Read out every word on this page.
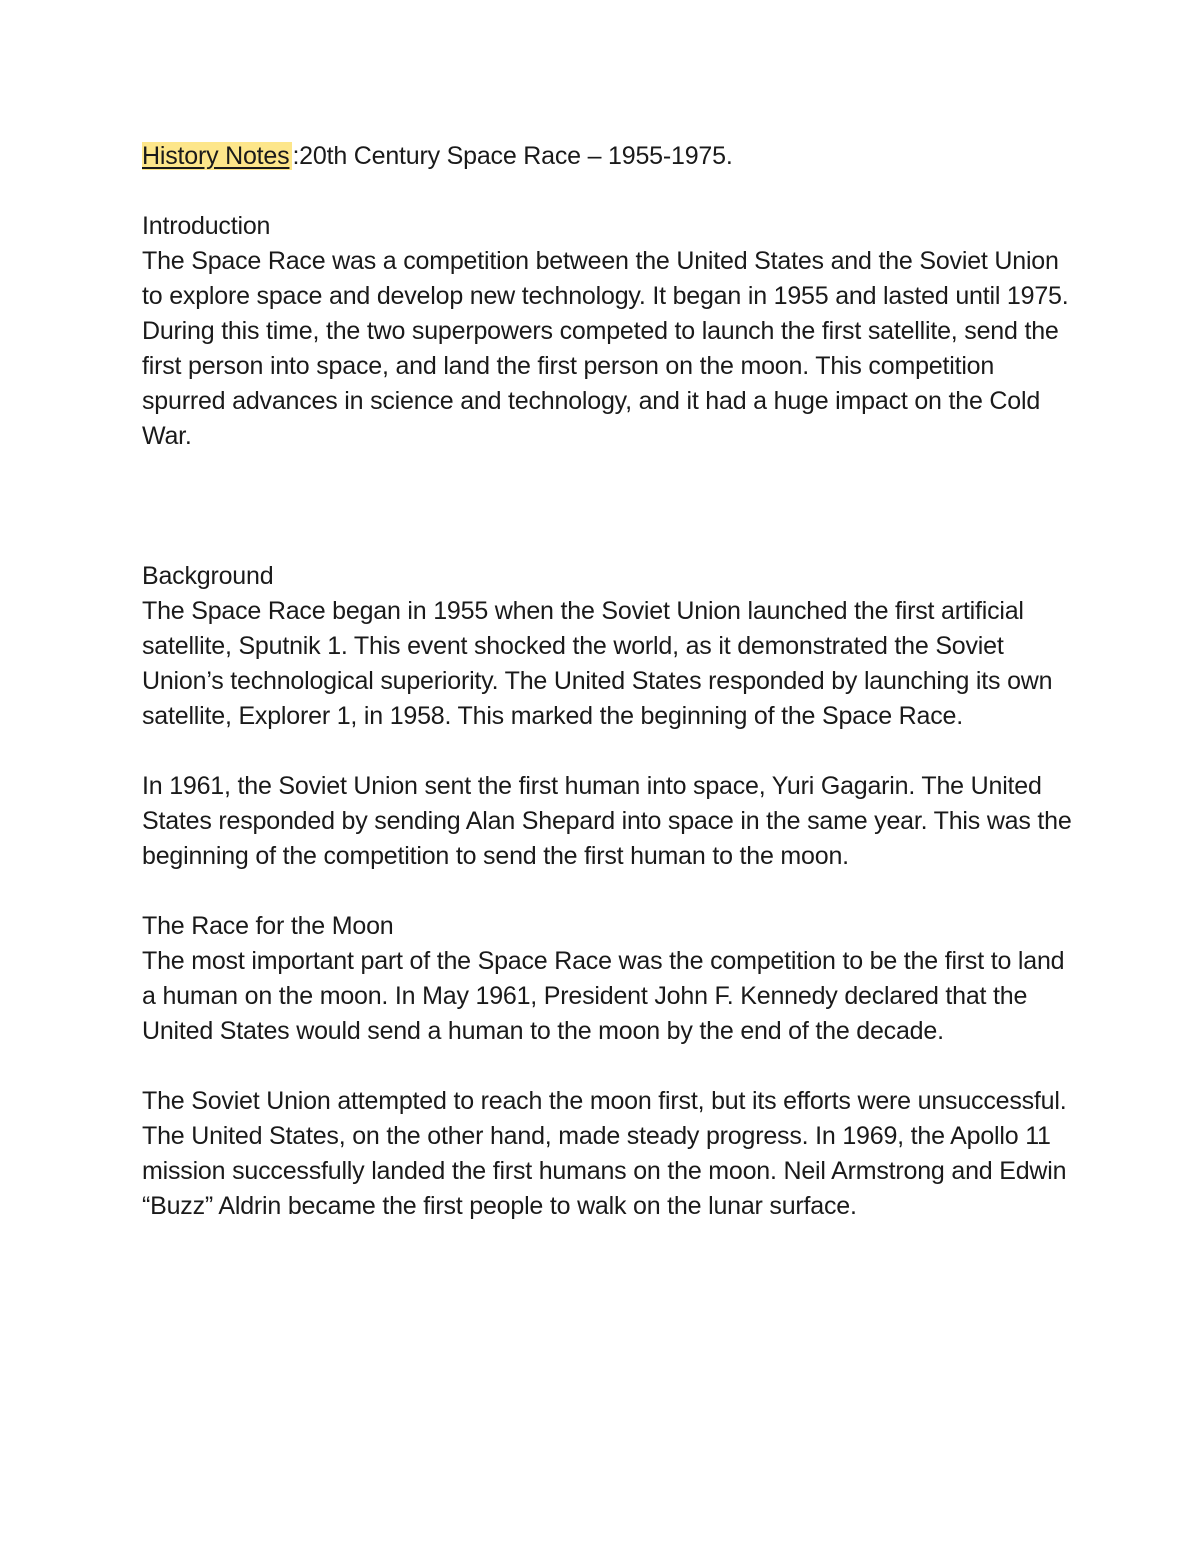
History Notes :20th Century Space Race – 1955-1975.

Introduction

The Space Race was a competition between the United States and the Soviet Union to explore space and develop new technology. It began in 1955 and lasted until 1975. During this time, the two superpowers competed to launch the first satellite, send the first person into space, and land the first person on the moon. This competition spurred advances in science and technology, and it had a huge impact on the Cold War.

Background

The Space Race began in 1955 when the Soviet Union launched the first artificial satellite, Sputnik 1. This event shocked the world, as it demonstrated the Soviet Union’s technological superiority. The United States responded by launching its own satellite, Explorer 1, in 1958. This marked the beginning of the Space Race.

In 1961, the Soviet Union sent the first human into space, Yuri Gagarin. The United States responded by sending Alan Shepard into space in the same year. This was the beginning of the competition to send the first human to the moon.

The Race for the Moon

The most important part of the Space Race was the competition to be the first to land a human on the moon. In May 1961, President John F. Kennedy declared that the United States would send a human to the moon by the end of the decade.

The Soviet Union attempted to reach the moon first, but its efforts were unsuccessful. The United States, on the other hand, made steady progress. In 1969, the Apollo 11 mission successfully landed the first humans on the moon. Neil Armstrong and Edwin “Buzz” Aldrin became the first people to walk on the lunar surface.
